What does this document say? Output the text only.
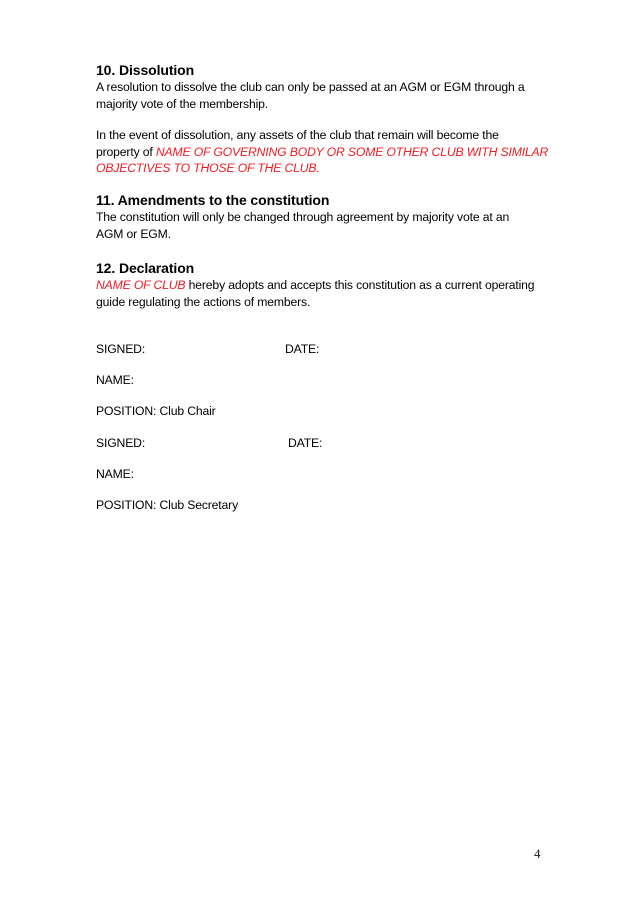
10. Dissolution
A resolution to dissolve the club can only be passed at an AGM or EGM through a
majority vote of the membership.
In the event of dissolution, any assets of the club that remain will become the
property of NAME OF GOVERNING BODY OR SOME OTHER CLUB WITH SIMILAR
OBJECTIVES TO THOSE OF THE CLUB.
11. Amendments to the constitution
The constitution will only be changed through agreement by majority vote at an
AGM or EGM.
12. Declaration
NAME OF CLUB hereby adopts and accepts this constitution as a current operating
guide regulating the actions of members.
SIGNED:	DATE:
NAME:
POSITION: Club Chair
SIGNED:	DATE:
NAME:
POSITION: Club Secretary
4
